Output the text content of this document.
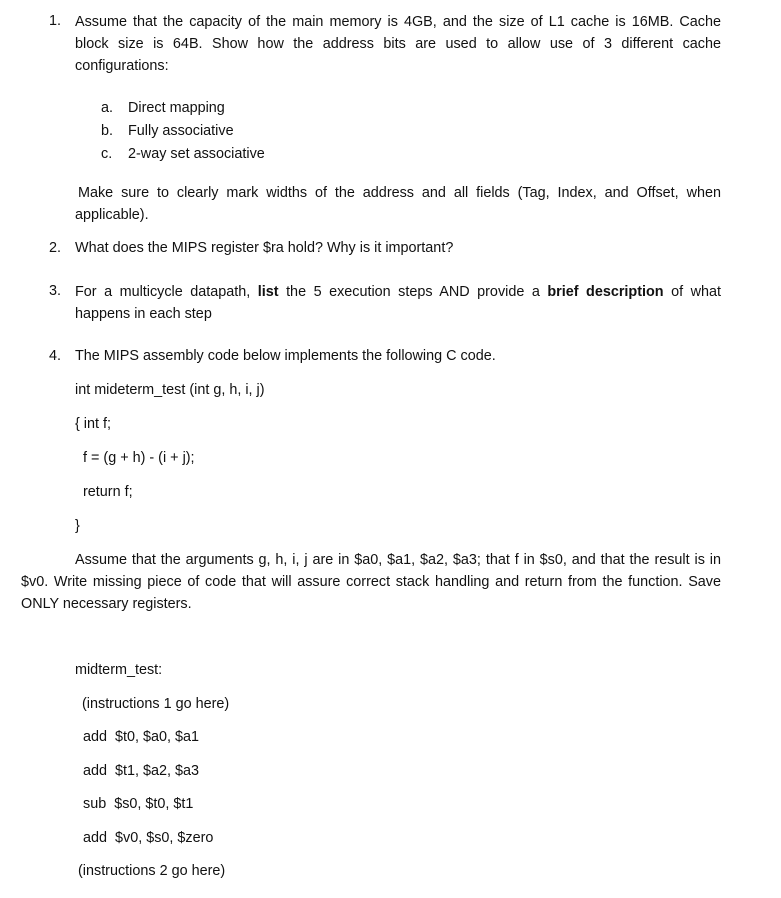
1. Assume that the capacity of the main memory is 4GB, and the size of L1 cache is 16MB. Cache block size is 64B. Show how the address bits are used to allow use of 3 different cache configurations:
a. Direct mapping
b. Fully associative
c. 2-way set associative
Make sure to clearly mark widths of the address and all fields (Tag, Index, and Offset, when applicable).
2. What does the MIPS register $ra hold? Why is it important?
3. For a multicycle datapath, list the 5 execution steps AND provide a brief description of what happens in each step
4. The MIPS assembly code below implements the following C code.
int mideterm_test (int g, h, i, j)
{ int f;
f = (g + h) - (i + j);
return f;
}
Assume that the arguments g, h, i, j are in $a0, $a1, $a2, $a3; that f in $s0, and that the result is in $v0. Write missing piece of code that will assure correct stack handling and return from the function. Save ONLY necessary registers.
midterm_test:
(instructions 1 go here)
add  $t0, $a0, $a1
add  $t1, $a2, $a3
sub  $s0, $t0, $t1
add  $v0, $s0, $zero
(instructions 2 go here)
